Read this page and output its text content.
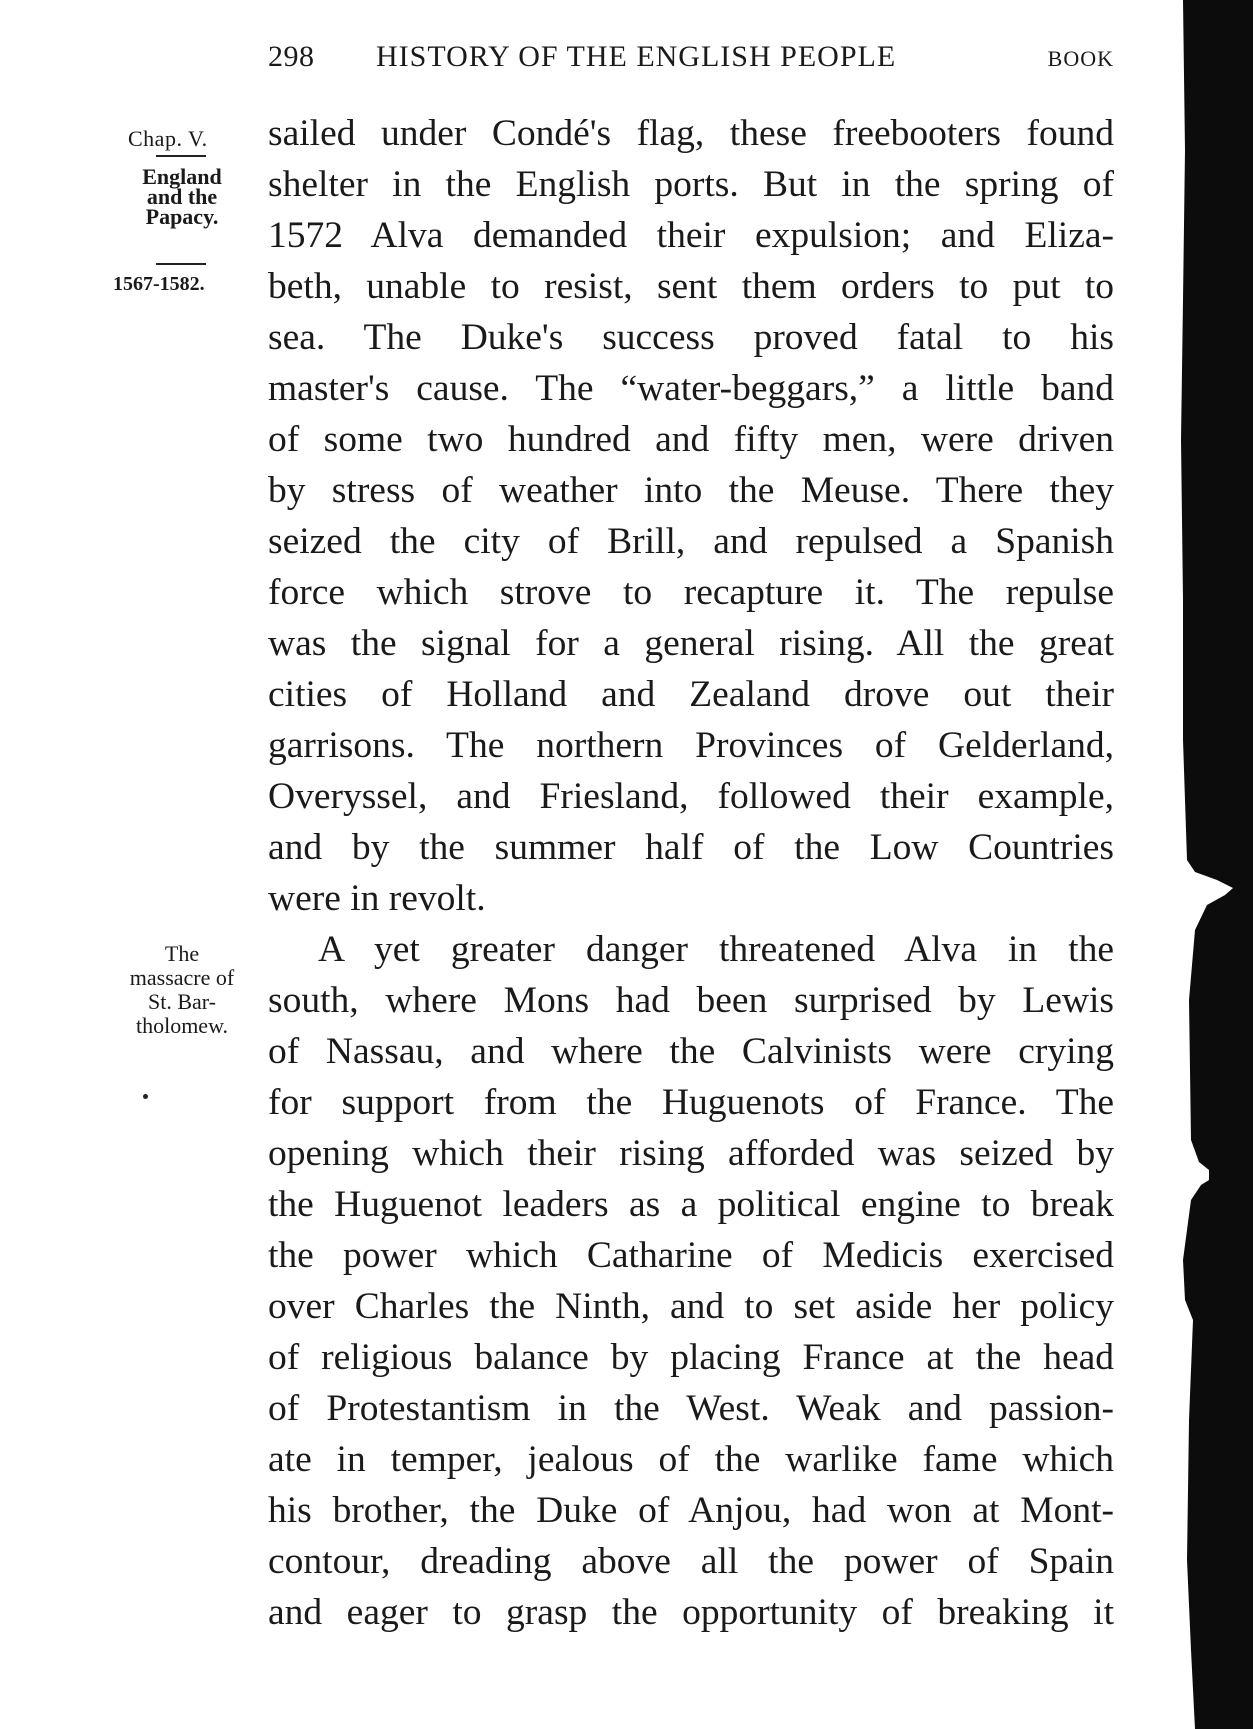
298 HISTORY OF THE ENGLISH PEOPLE	BOOK
Chap. V.
England and the Papacy.
1567-1582.
The massacre of St. Bar-tholomew.
sailed under Condé's flag, these freebooters found
shelter in the English ports. But in the spring of
1572 Alva demanded their expulsion; and Eliza-
beth, unable to resist, sent them orders to put to
sea. The Duke's success proved fatal to his
master's cause. The “water-beggars,” a little band
of some two hundred and fifty men, were driven
by stress of weather into the Meuse. There they
seized the city of Brill, and repulsed a Spanish
force which strove to recapture it. The repulse
was the signal for a general rising. All the great
cities of Holland and Zealand drove out their
garrisons. The northern Provinces of Gelderland,
Overyssel, and Friesland, followed their example,
and by the summer half of the Low Countries
were in revolt.
A yet greater danger threatened Alva in the
south, where Mons had been surprised by Lewis
of Nassau, and where the Calvinists were crying
for support from the Huguenots of France. The
opening which their rising afforded was seized by
the Huguenot leaders as a political engine to break
the power which Catharine of Medicis exercised
over Charles the Ninth, and to set aside her policy
of religious balance by placing France at the head
of Protestantism in the West. Weak and passion-
ate in temper, jealous of the warlike fame which
his brother, the Duke of Anjou, had won at Mont-
contour, dreading above all the power of Spain
and eager to grasp the opportunity of breaking it
